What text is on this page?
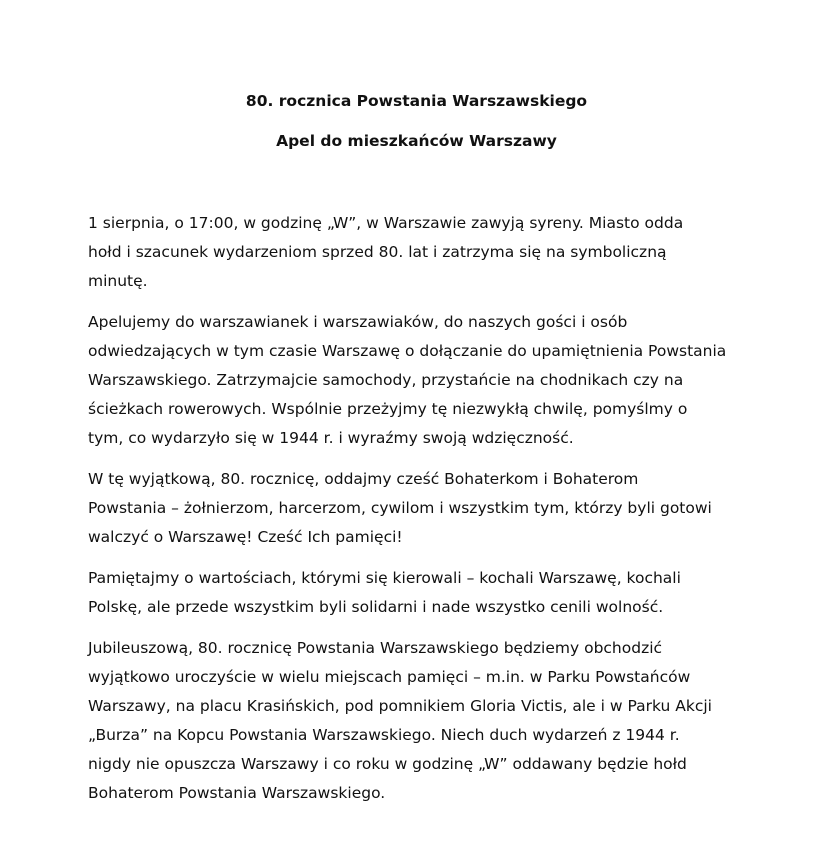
80. rocznica Powstania Warszawskiego
Apel do mieszkańców Warszawy

1 sierpnia, o 17:00, w godzinę „W”, w Warszawie zawyją syreny. Miasto odda
hołd i szacunek wydarzeniom sprzed 80. lat i zatrzyma się na symboliczną
minutę.

Apelujemy do warszawianek i warszawiaków, do naszych gości i osób
odwiedzających w tym czasie Warszawę o dołączanie do upamiętnienia Powstania
Warszawskiego. Zatrzymajcie samochody, przystańcie na chodnikach czy na
ścieżkach rowerowych. Wspólnie przeżyjmy tę niezwykłą chwilę, pomyślmy o
tym, co wydarzyło się w 1944 r. i wyraźmy swoją wdzięczność.

W tę wyjątkową, 80. rocznicę, oddajmy cześć Bohaterkom i Bohaterom
Powstania – żołnierzom, harcerzom, cywilom i wszystkim tym, którzy byli gotowi
walczyć o Warszawę! Cześć Ich pamięci!

Pamiętajmy o wartościach, którymi się kierowali – kochali Warszawę, kochali
Polskę, ale przede wszystkim byli solidarni i nade wszystko cenili wolność.

Jubileuszową, 80. rocznicę Powstania Warszawskiego będziemy obchodzić
wyjątkowo uroczyście w wielu miejscach pamięci – m.in. w Parku Powstańców
Warszawy, na placu Krasińskich, pod pomnikiem Gloria Victis, ale i w Parku Akcji
„Burza” na Kopcu Powstania Warszawskiego. Niech duch wydarzeń z 1944 r.
nigdy nie opuszcza Warszawy i co roku w godzinę „W” oddawany będzie hołd
Bohaterom Powstania Warszawskiego.
